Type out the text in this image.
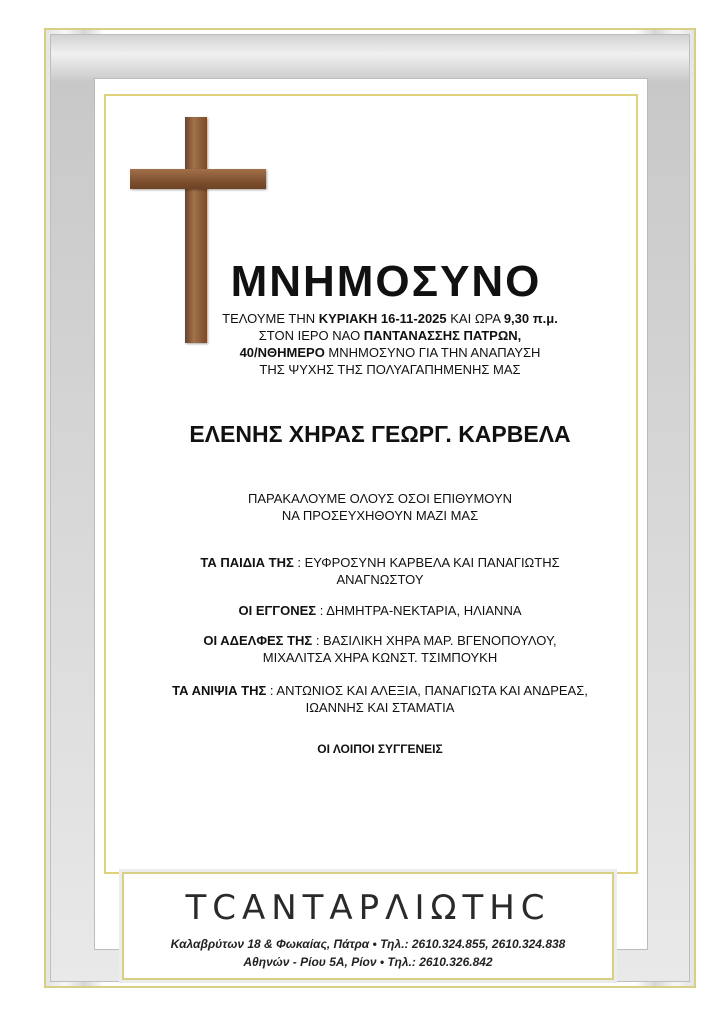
ΜΝΗΜΟΣΥΝΟ
ΤΕΛΟΥΜΕ ΤΗΝ ΚΥΡΙΑΚΗ 16-11-2025 ΚΑΙ ΩΡΑ 9,30 π.μ.
ΣΤΟΝ ΙΕΡΟ ΝΑΟ ΠΑΝΤΑΝΑΣΣΗΣ ΠΑΤΡΩΝ,
40/ΝΘΗΜΕΡΟ ΜΝΗΜΟΣΥΝΟ ΓΙΑ ΤΗΝ ΑΝΑΠΑΥΣΗ
ΤΗΣ ΨΥΧΗΣ ΤΗΣ ΠΟΛΥΑΓΑΠΗΜΕΝΗΣ ΜΑΣ
ΕΛΕΝΗΣ ΧΗΡΑΣ ΓΕΩΡΓ. ΚΑΡΒΕΛΑ
ΠΑΡΑΚΑΛΟΥΜΕ ΟΛΟΥΣ ΟΣΟΙ ΕΠΙΘΥΜΟΥΝ
ΝΑ ΠΡΟΣΕΥΧΗΘΟΥΝ ΜΑΖΙ ΜΑΣ
ΤΑ ΠΑΙΔΙΑ ΤΗΣ : ΕΥΦΡΟΣΥΝΗ ΚΑΡΒΕΛΑ ΚΑΙ ΠΑΝΑΓΙΩΤΗΣ
ΑΝΑΓΝΩΣΤΟΥ
ΟΙ ΕΓΓΟΝΕΣ : ΔΗΜΗΤΡΑ-ΝΕΚΤΑΡΙΑ, ΗΛΙΑΝΝΑ
ΟΙ ΑΔΕΛΦΕΣ ΤΗΣ : ΒΑΣΙΛΙΚΗ ΧΗΡΑ ΜΑΡ. ΒΓΕΝΟΠΟΥΛΟΥ,
ΜΙΧΑΛΙΤΣΑ ΧΗΡΑ ΚΩΝΣΤ. ΤΣΙΜΠΟΥΚΗ
ΤΑ ΑΝΙΨΙΑ ΤΗΣ : ΑΝΤΩΝΙΟΣ ΚΑΙ ΑΛΕΞΙΑ, ΠΑΝΑΓΙΩΤΑ ΚΑΙ ΑΝΔΡΕΑΣ,
ΙΩΑΝΝΗΣ ΚΑΙ ΣΤΑΜΑΤΙΑ
ΟΙ ΛΟΙΠΟΙ ΣΥΓΓΕΝΕΙΣ
ΤCΑΝΤΑΡΛΙΩΤΗC
Καλαβρύτων 18 & Φωκαίας, Πάτρα • Τηλ.: 2610.324.855, 2610.324.838
Αθηνών - Ρίου 5Α, Ρίον • Τηλ.: 2610.326.842
